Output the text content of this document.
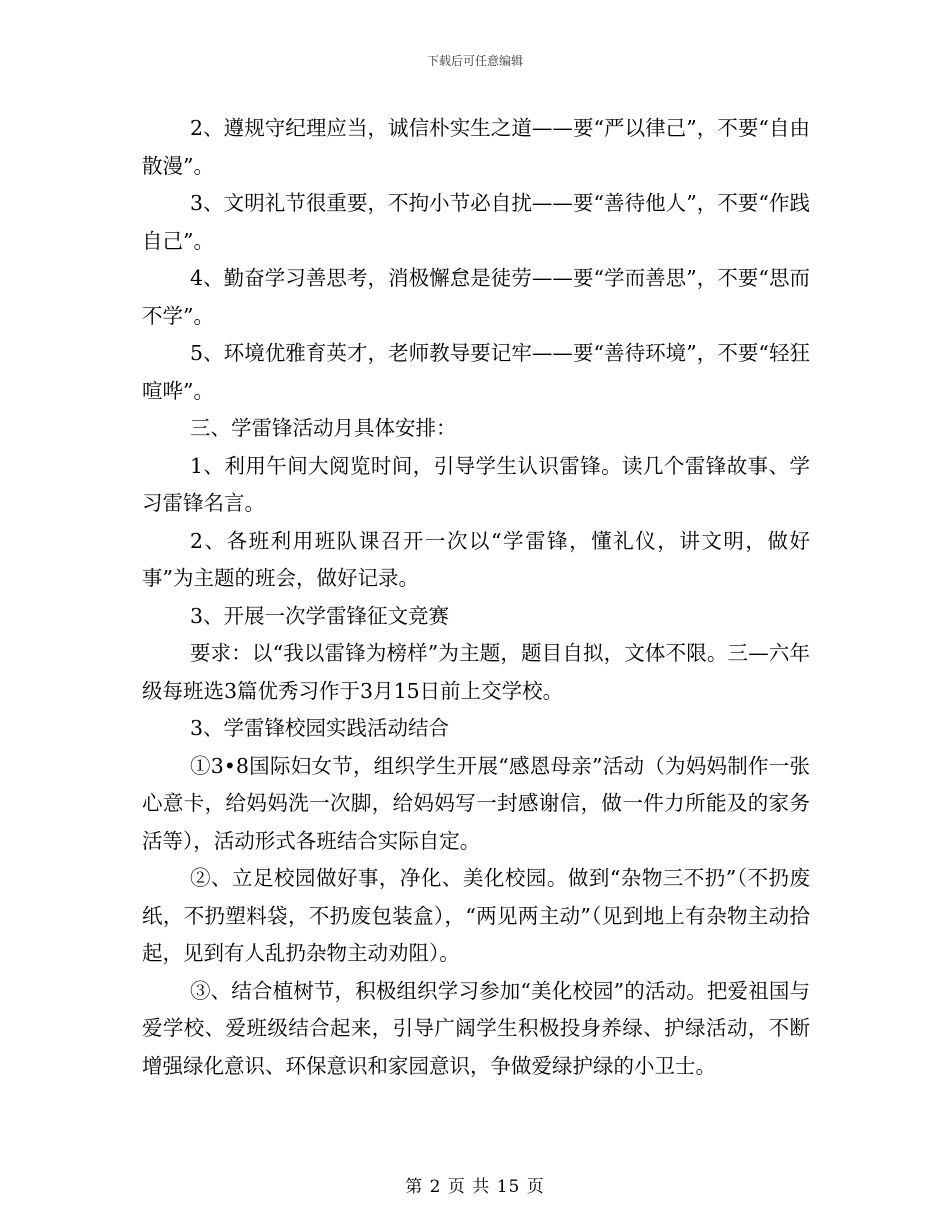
下载后可任意编辑

2、遵规守纪理应当，诚信朴实生之道——要“严以律己”，不要“自由散漫”。

3、文明礼节很重要，不拘小节必自扰——要“善待他人”，不要“作践自己”。

4、勤奋学习善思考，消极懈怠是徒劳——要“学而善思”，不要“思而不学”。

5、环境优雅育英才，老师教导要记牢——要“善待环境”，不要“轻狂喧哗”。

三、学雷锋活动月具体安排：

1、利用午间大阅览时间，引导学生认识雷锋。读几个雷锋故事、学习雷锋名言。

2、各班利用班队课召开一次以“学雷锋，懂礼仪，讲文明，做好事”为主题的班会，做好记录。

3、开展一次学雷锋征文竞赛

要求：以“我以雷锋为榜样”为主题，题目自拟，文体不限。三—六年级每班选3篇优秀习作于3月15日前上交学校。

3、学雷锋校园实践活动结合

①3•8国际妇女节，组织学生开展“感恩母亲”活动（为妈妈制作一张心意卡，给妈妈洗一次脚，给妈妈写一封感谢信，做一件力所能及的家务活等），活动形式各班结合实际自定。

②、立足校园做好事，净化、美化校园。做到“杂物三不扔”（不扔废纸，不扔塑料袋，不扔废包装盒），“两见两主动”（见到地上有杂物主动拾起，见到有人乱扔杂物主动劝阻）。

③、结合植树节，积极组织学习参加“美化校园”的活动。把爱祖国与爱学校、爱班级结合起来，引导广阔学生积极投身养绿、护绿活动，不断增强绿化意识、环保意识和家园意识，争做爱绿护绿的小卫士。

第 2 页 共 15 页
